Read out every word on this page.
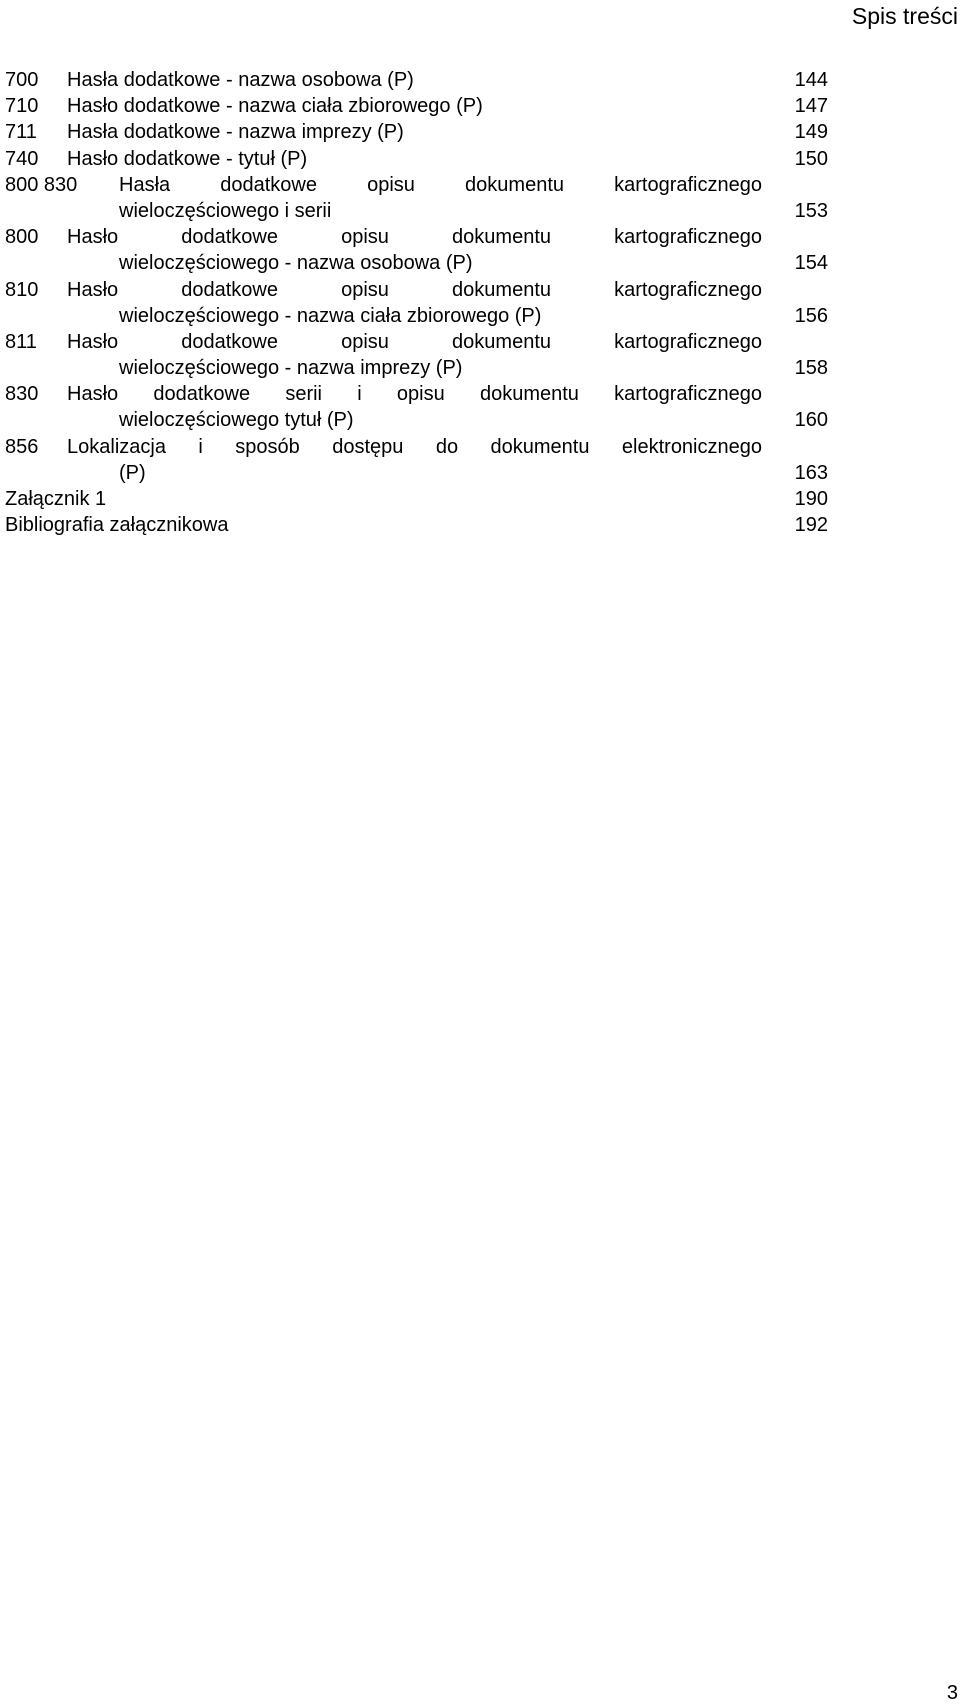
Spis treści
700	Hasła dodatkowe - nazwa osobowa (P)	144
710	Hasło dodatkowe - nazwa ciała zbiorowego (P)	147
711	Hasła dodatkowe - nazwa imprezy (P)	149
740	Hasło dodatkowe - tytuł (P)	150
800 830	Hasła dodatkowe opisu dokumentu kartograficznego
wieloczęściowego i serii	153
800	Hasło dodatkowe opisu dokumentu kartograficznego
wieloczęściowego - nazwa osobowa (P)	154
810	Hasło dodatkowe opisu dokumentu kartograficznego
wieloczęściowego - nazwa ciała zbiorowego (P)	156
811	Hasło dodatkowe opisu dokumentu kartograficznego
wieloczęściowego - nazwa imprezy (P)	158
830	Hasło dodatkowe serii i opisu dokumentu kartograficznego
wieloczęściowego tytuł (P)	160
856	Lokalizacja i sposób dostępu do dokumentu elektronicznego
(P)	163
Załącznik 1	190
Bibliografia załącznikowa	192
3
